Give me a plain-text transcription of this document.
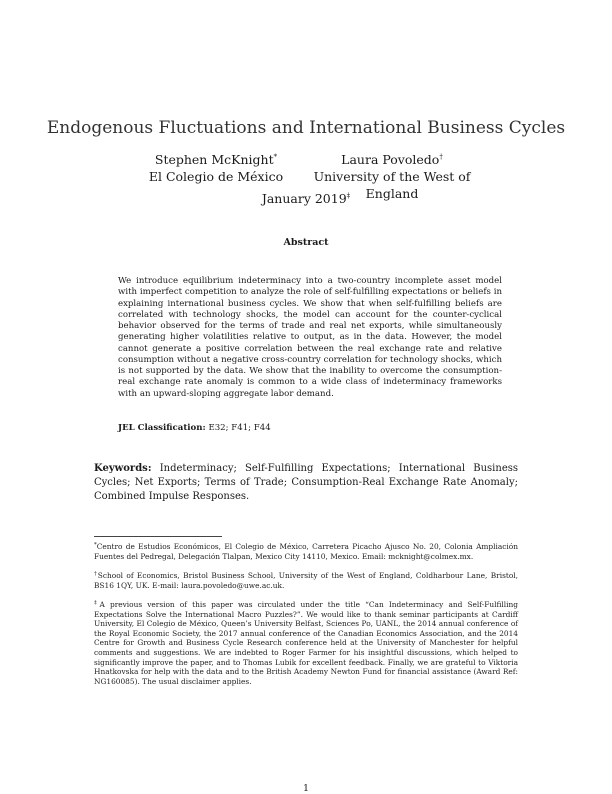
Endogenous Fluctuations and International Business Cycles
Stephen McKnight*
El Colegio de México
Laura Povoledo†
University of the West of England
January 2019‡
Abstract
We introduce equilibrium indeterminacy into a two-country incomplete asset model with imperfect competition to analyze the role of self-fulfilling expectations or beliefs in explaining international business cycles. We show that when self-fulfilling beliefs are correlated with technology shocks, the model can account for the counter-cyclical behavior observed for the terms of trade and real net exports, while simultaneously generating higher volatilities relative to output, as in the data. However, the model cannot generate a positive correlation between the real exchange rate and relative consumption without a negative cross-country correlation for technology shocks, which is not supported by the data. We show that the inability to overcome the consumption-real exchange rate anomaly is common to a wide class of indeterminacy frameworks with an upward-sloping aggregate labor demand.
JEL Classification: E32; F41; F44
Keywords: Indeterminacy; Self-Fulfilling Expectations; International Business Cycles; Net Exports; Terms of Trade; Consumption-Real Exchange Rate Anomaly; Combined Impulse Responses.
*Centro de Estudios Económicos, El Colegio de México, Carretera Picacho Ajusco No. 20, Colonia Ampliación Fuentes del Pedregal, Delegación Tlalpan, Mexico City 14110, Mexico. Email: mcknight@colmex.mx.
†School of Economics, Bristol Business School, University of the West of England, Coldharbour Lane, Bristol, BS16 1QY, UK. E-mail: laura.povoledo@uwe.ac.uk.
‡A previous version of this paper was circulated under the title “Can Indeterminacy and Self-Fulfilling Expectations Solve the International Macro Puzzles?”. We would like to thank seminar participants at Cardiff University, El Colegio de México, Queen’s University Belfast, Sciences Po, UANL, the 2014 annual conference of the Royal Economic Society, the 2017 annual conference of the Canadian Economics Association, and the 2014 Centre for Growth and Business Cycle Research conference held at the University of Manchester for helpful comments and suggestions. We are indebted to Roger Farmer for his insightful discussions, which helped to significantly improve the paper, and to Thomas Lubik for excellent feedback. Finally, we are grateful to Viktoria Hnatkovska for help with the data and to the British Academy Newton Fund for financial assistance (Award Ref: NG160085). The usual disclaimer applies.
1
